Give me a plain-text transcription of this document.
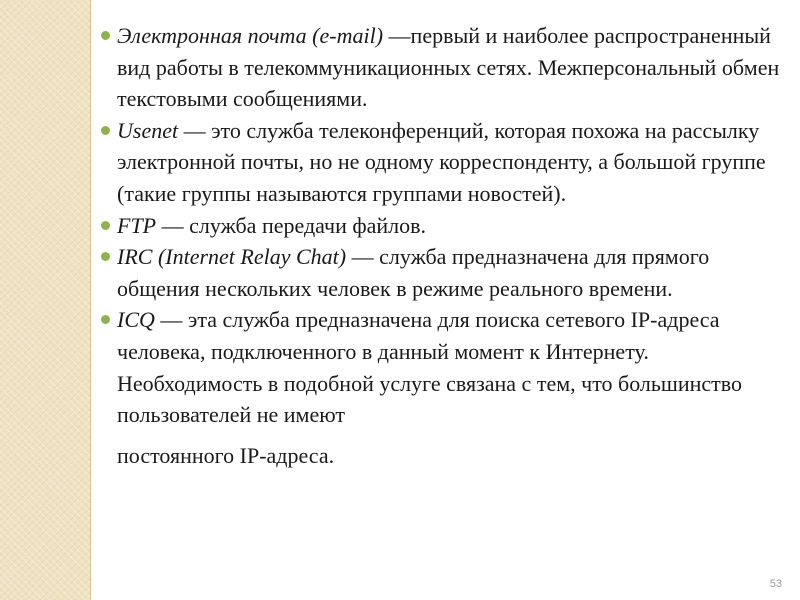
Электронная почта (e-mail) —первый и наиболее распространенный вид работы в телекоммуникационных сетях. Межперсональный обмен текстовыми сообщениями.

Usenet — это служба телеконференций, которая похожа на рассылку электронной почты, но не одному корреспонденту, а большой группе (такие группы называются группами новостей).

FTP — служба передачи файлов.

IRC (Internet Relay Chat) — служба предназначена для прямого общения нескольких человек в режиме реального времени.

ICQ — эта служба предназначена для поиска сетевого IP-адреса человека, подключенного в данный момент к Интернету. Необходимость в подобной услуге связана с тем, что большинство пользователей не имеют
постоянного IP-адреса.

53
